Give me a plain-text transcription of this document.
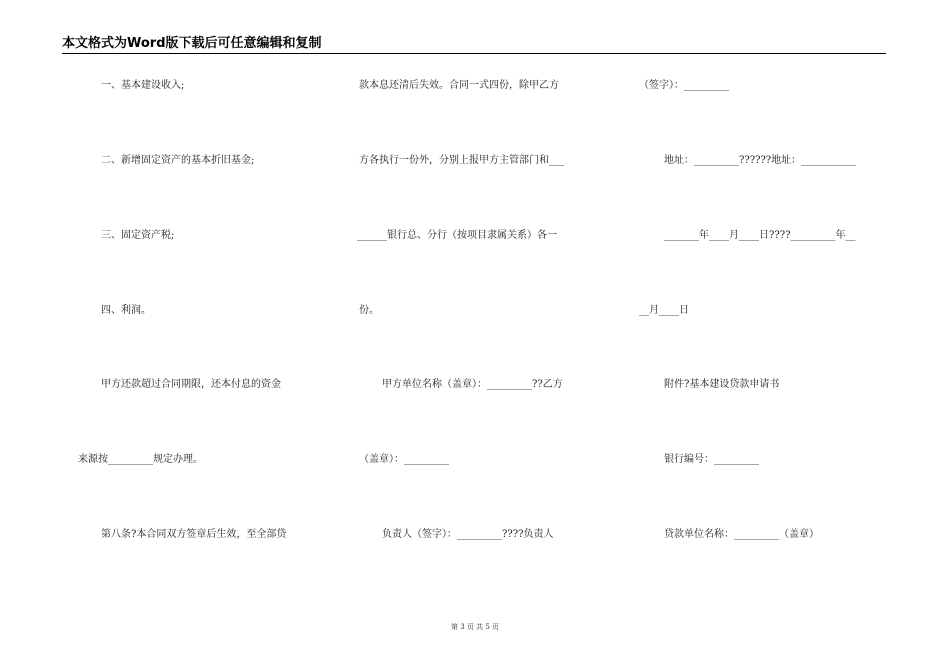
本文格式为Word版下载后可任意编辑和复制
一、基本建设收入;
二、新增固定资产的基本折旧基金;
三、固定资产税;
四、利润。
甲方还款超过合同期限，还本付息的资金
来源按_________规定办理。
第八条?本合同双方签章后生效，至全部贷
款本息还清后失效。合同一式四份，除甲乙方
方各执行一份外，分别上报甲方主管部门和___
______银行总、分行（按项目隶属关系）各一
份。
甲方单位名称（盖章）：_________??乙方
（盖章）：_________
负责人（签字）：_________????负责人
（签字）：_________
地址：_________??????地址：___________
_______年____月____日????_________年__
__月____日
附件?基本建设贷款申请书
银行编号：_________
贷款单位名称：_________（盖章）
第 3 页 共 5 页
